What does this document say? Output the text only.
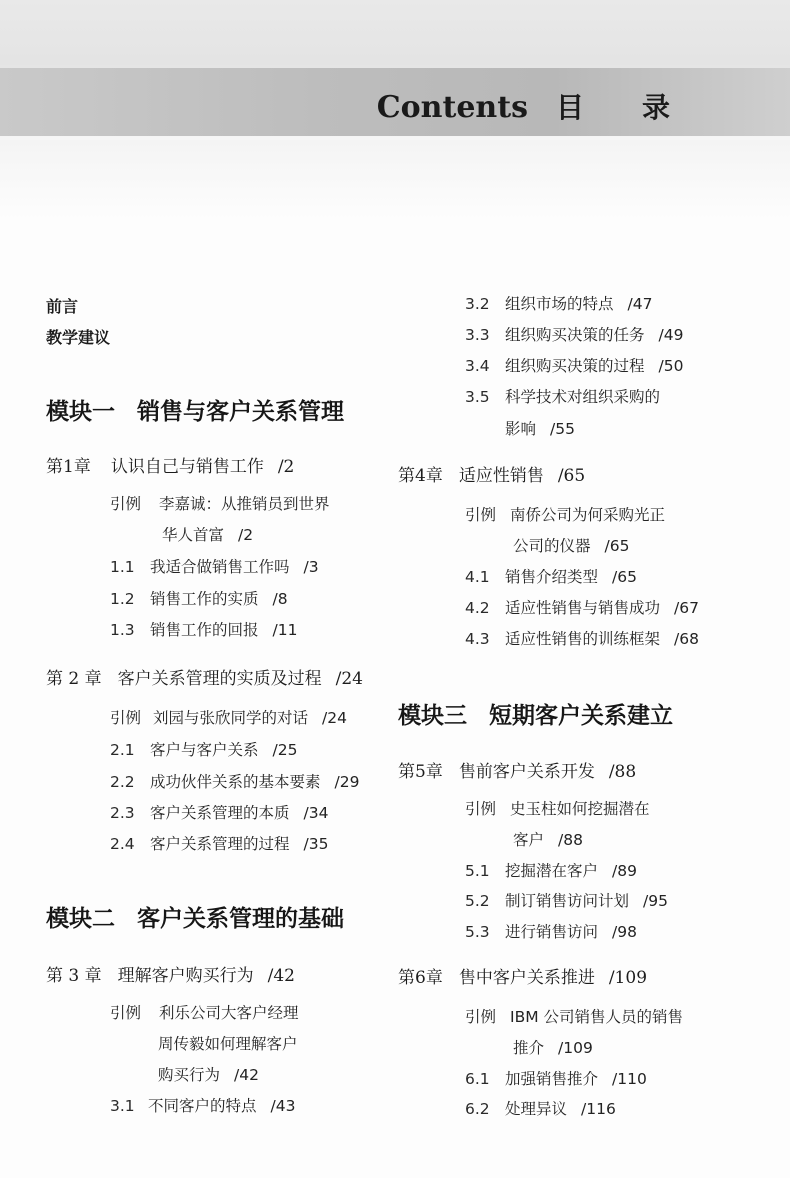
Contents 目录
前言
教学建议
模块一 销售与客户关系管理
第1章 认识自己与销售工作 /2
引例 李嘉诚：从推销员到世界
华人首富 /2
1.1 我适合做销售工作吗 /3
1.2 销售工作的实质 /8
1.3 销售工作的回报 /11
第 2 章 客户关系管理的实质及过程 /24
引例 刘园与张欣同学的对话 /24
2.1 客户与客户关系 /25
2.2 成功伙伴关系的基本要素 /29
2.3 客户关系管理的本质 /34
2.4 客户关系管理的过程 /35
模块二 客户关系管理的基础
第 3 章 理解客户购买行为 /42
引例 利乐公司大客户经理
周传毅如何理解客户
购买行为 /42
3.1 不同客户的特点 /43
3.2 组织市场的特点 /47
3.3 组织购买决策的任务 /49
3.4 组织购买决策的过程 /50
3.5 科学技术对组织采购的
影响 /55
第4章 适应性销售 /65
引例 南侨公司为何采购光正
公司的仪器 /65
4.1 销售介绍类型 /65
4.2 适应性销售与销售成功 /67
4.3 适应性销售的训练框架 /68
模块三 短期客户关系建立
第5章 售前客户关系开发 /88
引例 史玉柱如何挖掘潜在
客户 /88
5.1 挖掘潜在客户 /89
5.2 制订销售访问计划 /95
5.3 进行销售访问 /98
第6章 售中客户关系推进 /109
引例 IBM 公司销售人员的销售
推介 /109
6.1 加强销售推介 /110
6.2 处理异议 /116
